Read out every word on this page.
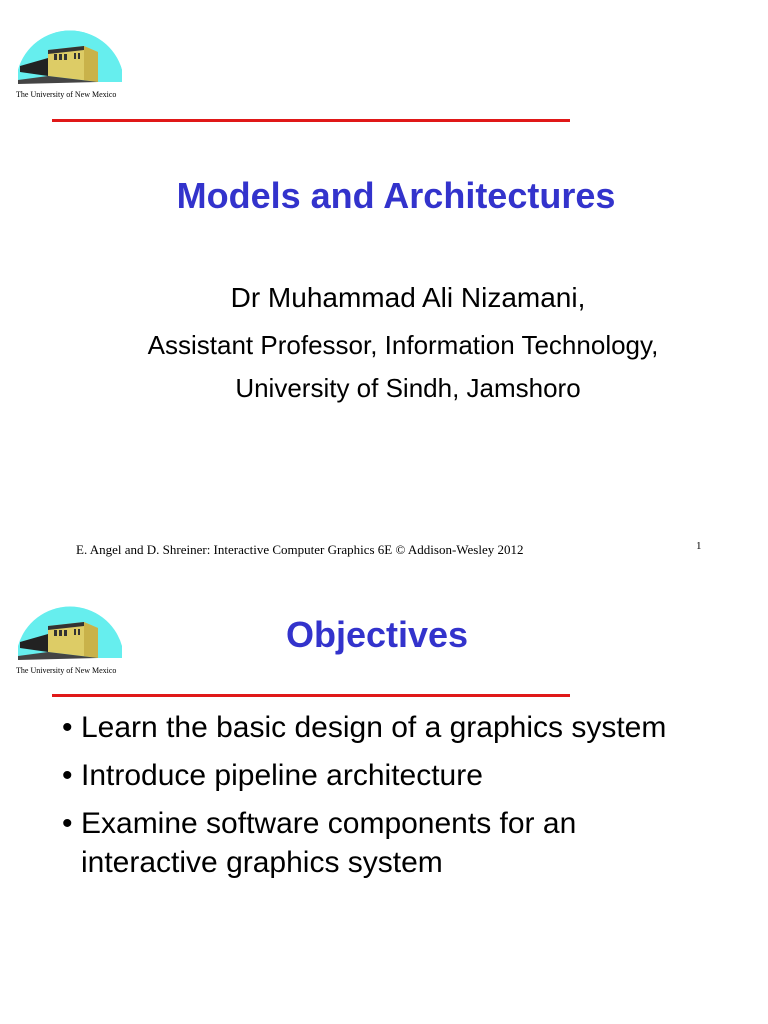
The University of New Mexico
Models and Architectures
Dr Muhammad Ali Nizamani,
Assistant Professor, Information Technology,
University of Sindh, Jamshoro
E. Angel and D. Shreiner: Interactive Computer Graphics 6E © Addison-Wesley 2012	1
The University of New Mexico
Objectives
• Learn the basic design of a graphics system
• Introduce pipeline architecture
• Examine software components for an interactive graphics system
